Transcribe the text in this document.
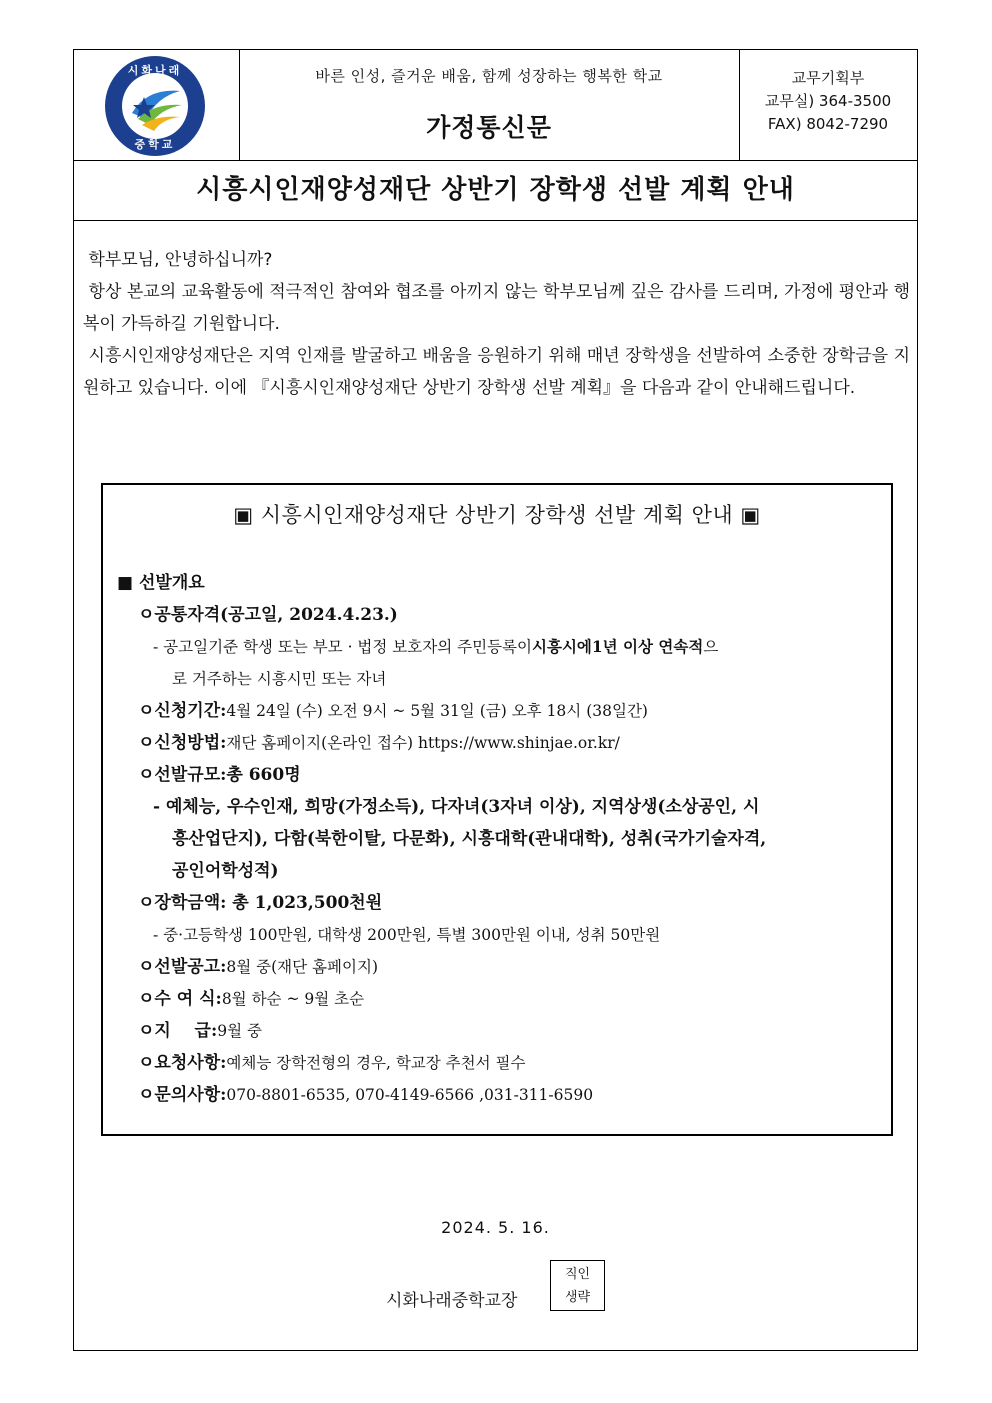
시화나래
중학교
바른 인성, 즐거운 배움, 함께 성장하는 행복한 학교
가정통신문
교무기획부
교무실) 364-3500
FAX) 8042-7290
시흥시인재양성재단 상반기 장학생 선발 계획 안내

학부모님, 안녕하십니까?

항상 본교의 교육활동에 적극적인 참여와 협조를 아끼지 않는 학부모님께 깊은 감사를 드리며, 가정에 평안과 행복이 가득하길 기원합니다.

시흥시인재양성재단은 지역 인재를 발굴하고 배움을 응원하기 위해 매년 장학생을 선발하여 소중한 장학금을 지원하고 있습니다. 이에 『시흥시인재양성재단 상반기 장학생 선발 계획』을 다음과 같이 안내해드립니다.

▣ 시흥시인재양성재단 상반기 장학생 선발 계획 안내 ▣
■ 선발개요
ㅇ공통자격(공고일, 2024.4.23.)
- 공고일기준 학생 또는 부모 · 법정 보호자의 주민등록이시흥시에1년 이상 연속적으
로 거주하는 시흥시민 또는 자녀
ㅇ신청기간:4월 24일 (수) 오전 9시 ~ 5월 31일 (금) 오후 18시 (38일간)
ㅇ신청방법:재단 홈페이지(온라인 접수) https://www.shinjae.or.kr/
ㅇ선발규모:총 660명
- 예체능, 우수인재, 희망(가정소득), 다자녀(3자녀 이상), 지역상생(소상공인, 시
흥산업단지), 다함(북한이탈, 다문화), 시흥대학(관내대학), 성취(국가기술자격,
공인어학성적)
ㅇ장학금액: 총 1,023,500천원
- 중·고등학생 100만원, 대학생 200만원, 특별 300만원 이내, 성취 50만원
ㅇ선발공고:8월 중(재단 홈페이지)
ㅇ수 여 식:8월 하순 ~ 9월 초순
ㅇ지    급:9월 중
ㅇ요청사항:예체능 장학전형의 경우, 학교장 추천서 필수
ㅇ문의사항:070-8801-6535, 070-4149-6566 ,031-311-6590
2024. 5. 16.
시화나래중학교장
직인
생략
